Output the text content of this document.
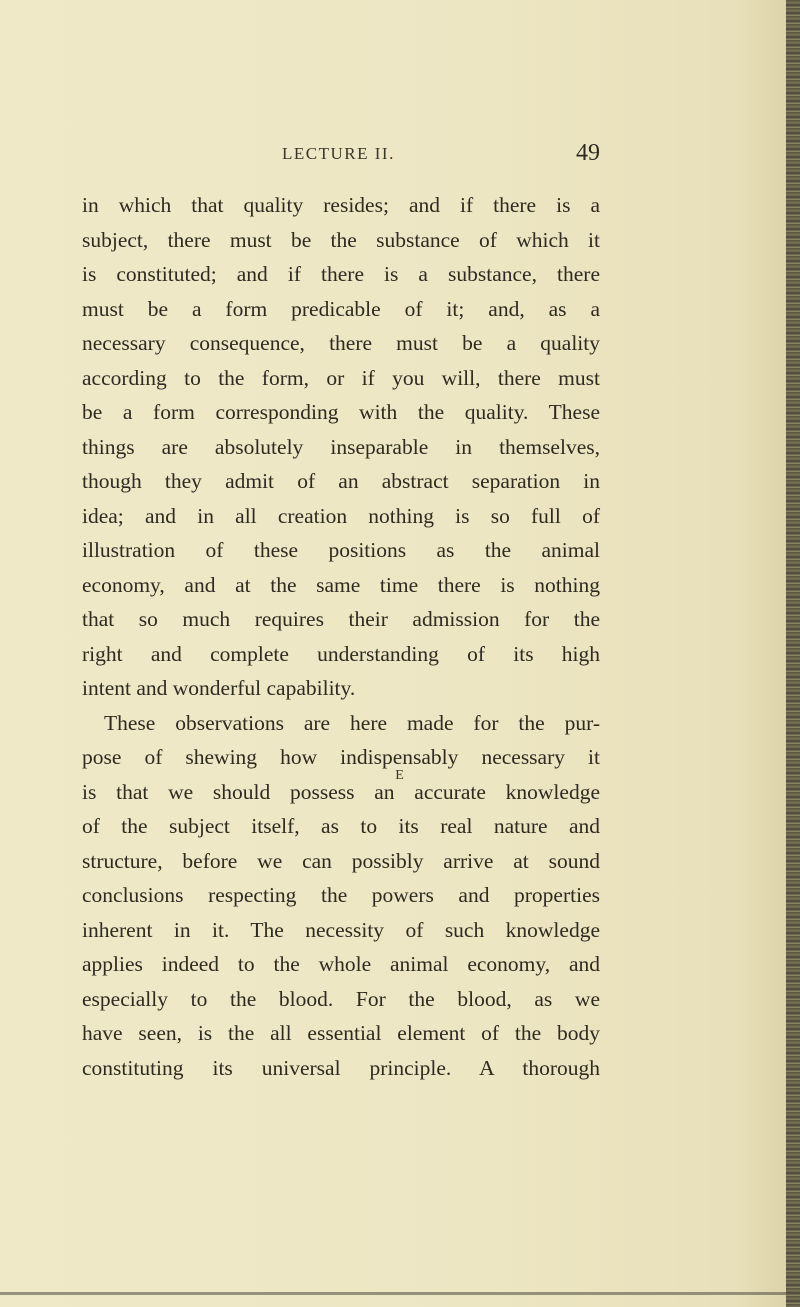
LECTURE II.	49
in which that quality resides; and if there is a
subject, there must be the substance of which it
is constituted; and if there is a substance, there
must be a form predicable of it; and, as a
necessary consequence, there must be a quality
according to the form, or if you will, there must
be a form corresponding with the quality. These
things are absolutely inseparable in themselves,
though they admit of an abstract separation in
idea; and in all creation nothing is so full of
illustration of these positions as the animal
economy, and at the same time there is nothing
that so much requires their admission for the
right and complete understanding of its high
intent and wonderful capability.
These observations are here made for the pur-
pose of shewing how indispensably necessary it
is that we should possess an accurate knowledge
of the subject itself, as to its real nature and
structure, before we can possibly arrive at sound
conclusions respecting the powers and properties
inherent in it. The necessity of such knowledge
applies indeed to the whole animal economy, and
especially to the blood. For the blood, as we
have seen, is the all essential element of the body
constituting its universal principle. A thorough
E
